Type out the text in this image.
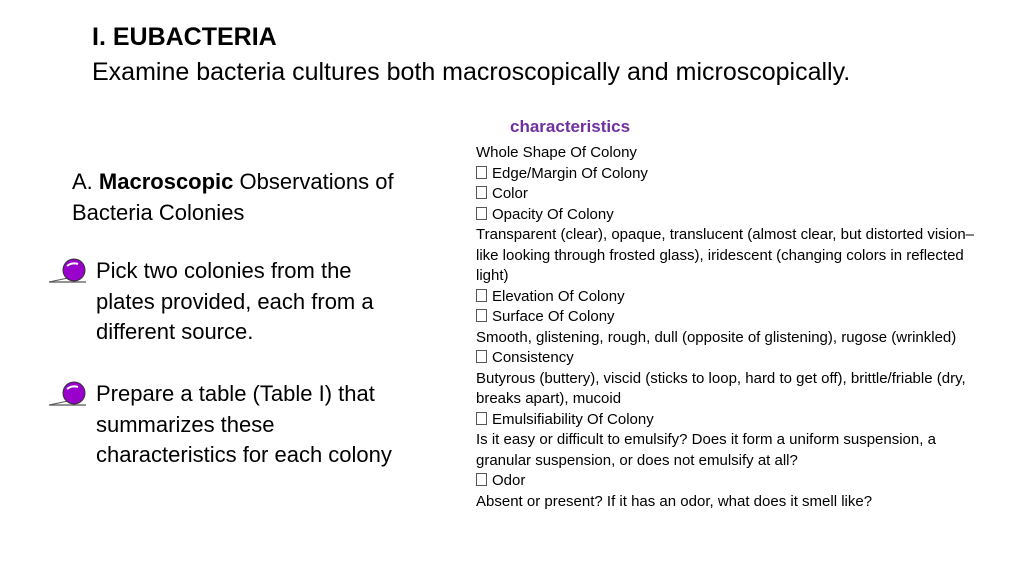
I. EUBACTERIA
Examine bacteria cultures both macroscopically and microscopically.
A. Macroscopic Observations of Bacteria Colonies
Pick two colonies from the plates provided, each from a different source.
Prepare a table (Table I) that summarizes these characteristics for each colony
characteristics
Whole Shape Of Colony
Edge/Margin Of Colony
Color
Opacity Of Colony
Transparent (clear), opaque, translucent (almost clear, but distorted vision–like looking through frosted glass), iridescent (changing colors in reflected light)
Elevation Of Colony
Surface Of Colony
Smooth, glistening, rough, dull (opposite of glistening), rugose (wrinkled)
Consistency
Butyrous (buttery), viscid (sticks to loop, hard to get off), brittle/friable (dry, breaks apart), mucoid
Emulsifiability Of Colony
Is it easy or difficult to emulsify? Does it form a uniform suspension, a granular suspension, or does not emulsify at all?
Odor
Absent or present? If it has an odor, what does it smell like?
